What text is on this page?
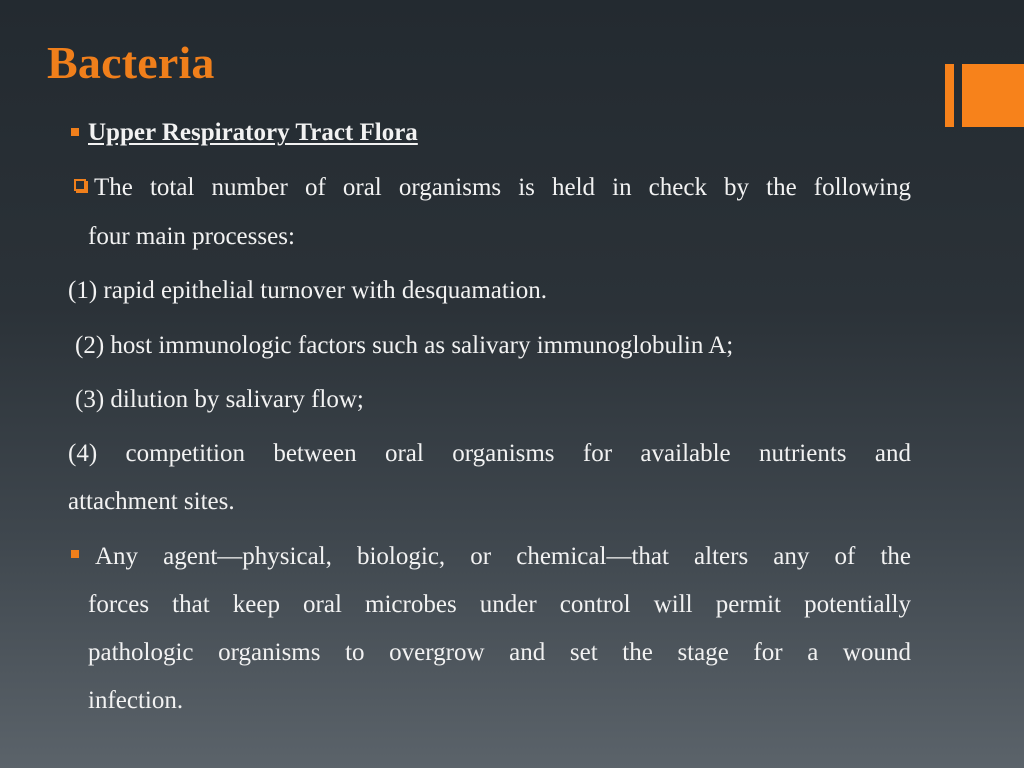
Bacteria
Upper Respiratory Tract Flora
The total number of oral organisms is held in check by the following
four main processes:
(1) rapid epithelial turnover with desquamation.
(2) host immunologic factors such as salivary immunoglobulin A;
(3) dilution by salivary flow;
(4) competition between oral organisms for available nutrients and
attachment sites.
Any agent—physical, biologic, or chemical—that alters any of the
forces that keep oral microbes under control will permit potentially
pathologic organisms to overgrow and set the stage for a wound
infection.
